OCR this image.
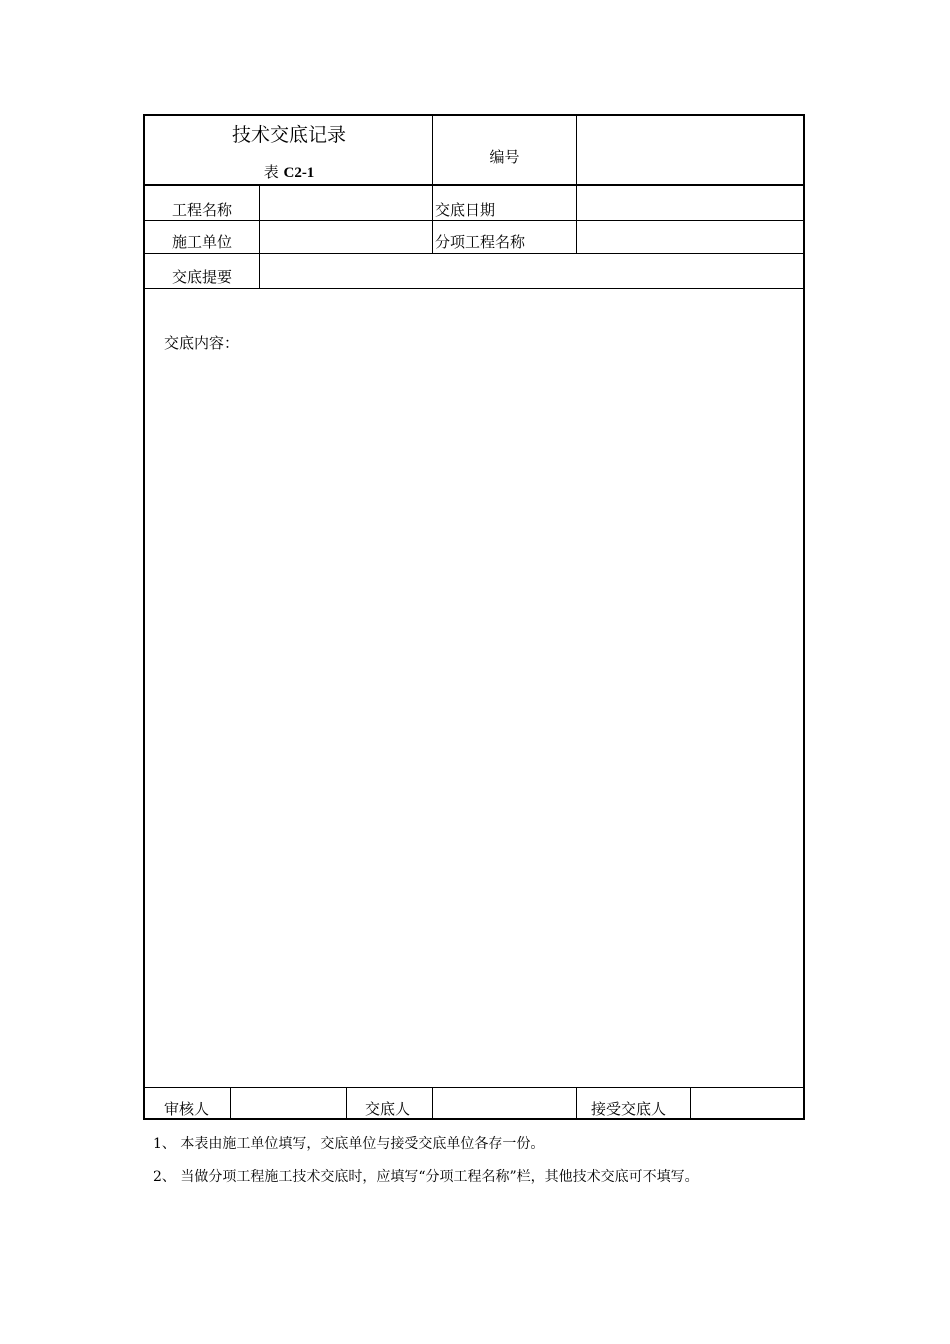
技术交底记录
表 C2-1
编号
工程名称	交底日期
施工单位	分项工程名称
交底提要
交底内容：
审核人	交底人	接受交底人
1、 本表由施工单位填写，交底单位与接受交底单位各存一份。
2、 当做分项工程施工技术交底时，应填写“分项工程名称”栏，其他技术交底可不填写。
